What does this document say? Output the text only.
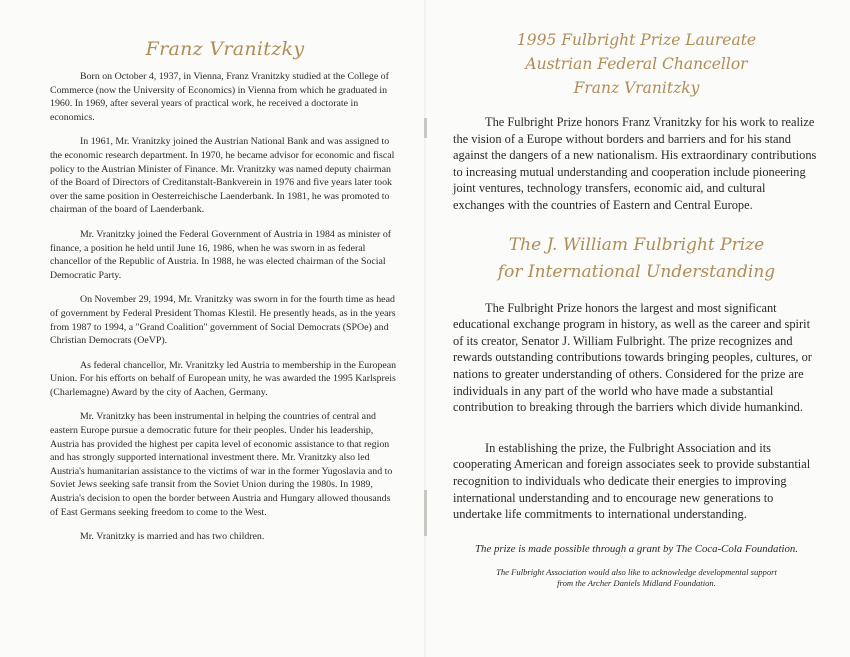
Franz Vranitzky

Born on October 4, 1937, in Vienna, Franz Vranitzky studied at the College of Commerce (now the University of Economics) in Vienna from which he graduated in 1960. In 1969, after several years of practical work, he received a doctorate in economics.

In 1961, Mr. Vranitzky joined the Austrian National Bank and was assigned to the economic research department. In 1970, he became advisor for economic and fiscal policy to the Austrian Minister of Finance. Mr. Vranitzky was named deputy chairman of the Board of Directors of Creditanstalt-Bankverein in 1976 and five years later took over the same position in Oesterreichische Laenderbank. In 1981, he was promoted to chairman of the board of Laenderbank.

Mr. Vranitzky joined the Federal Government of Austria in 1984 as minister of finance, a position he held until June 16, 1986, when he was sworn in as federal chancellor of the Republic of Austria. In 1988, he was elected chairman of the Social Democratic Party.

On November 29, 1994, Mr. Vranitzky was sworn in for the fourth time as head of government by Federal President Thomas Klestil. He presently heads, as in the years from 1987 to 1994, a "Grand Coalition" government of Social Democrats (SPOe) and Christian Democrats (OeVP).

As federal chancellor, Mr. Vranitzky led Austria to membership in the European Union. For his efforts on behalf of European unity, he was awarded the 1995 Karlspreis (Charlemagne) Award by the city of Aachen, Germany.

Mr. Vranitzky has been instrumental in helping the countries of central and eastern Europe pursue a democratic future for their peoples. Under his leadership, Austria has provided the highest per capita level of economic assistance to that region and has strongly supported international investment there. Mr. Vranitzky also led Austria's humanitarian assistance to the victims of war in the former Yugoslavia and to Soviet Jews seeking safe transit from the Soviet Union during the 1980s. In 1989, Austria's decision to open the border between Austria and Hungary allowed thousands of East Germans seeking freedom to come to the West.

Mr. Vranitzky is married and has two children.

1995 Fulbright Prize Laureate
Austrian Federal Chancellor
Franz Vranitzky

The Fulbright Prize honors Franz Vranitzky for his work to realize the vision of a Europe without borders and barriers and for his stand against the dangers of a new nationalism. His extraordinary contributions to increasing mutual understanding and cooperation include pioneering joint ventures, technology transfers, economic aid, and cultural exchanges with the countries of Eastern and Central Europe.

The J. William Fulbright Prize
for International Understanding

The Fulbright Prize honors the largest and most significant educational exchange program in history, as well as the career and spirit of its creator, Senator J. William Fulbright. The prize recognizes and rewards outstanding contributions towards bringing peoples, cultures, or nations to greater understanding of others. Considered for the prize are individuals in any part of the world who have made a substantial contribution to breaking through the barriers which divide humankind.

In establishing the prize, the Fulbright Association and its cooperating American and foreign associates seek to provide substantial recognition to individuals who dedicate their energies to improving international understanding and to encourage new generations to undertake life commitments to international understanding.

The prize is made possible through a grant by The Coca-Cola Foundation.

The Fulbright Association would also like to acknowledge developmental support

from the Archer Daniels Midland Foundation.
